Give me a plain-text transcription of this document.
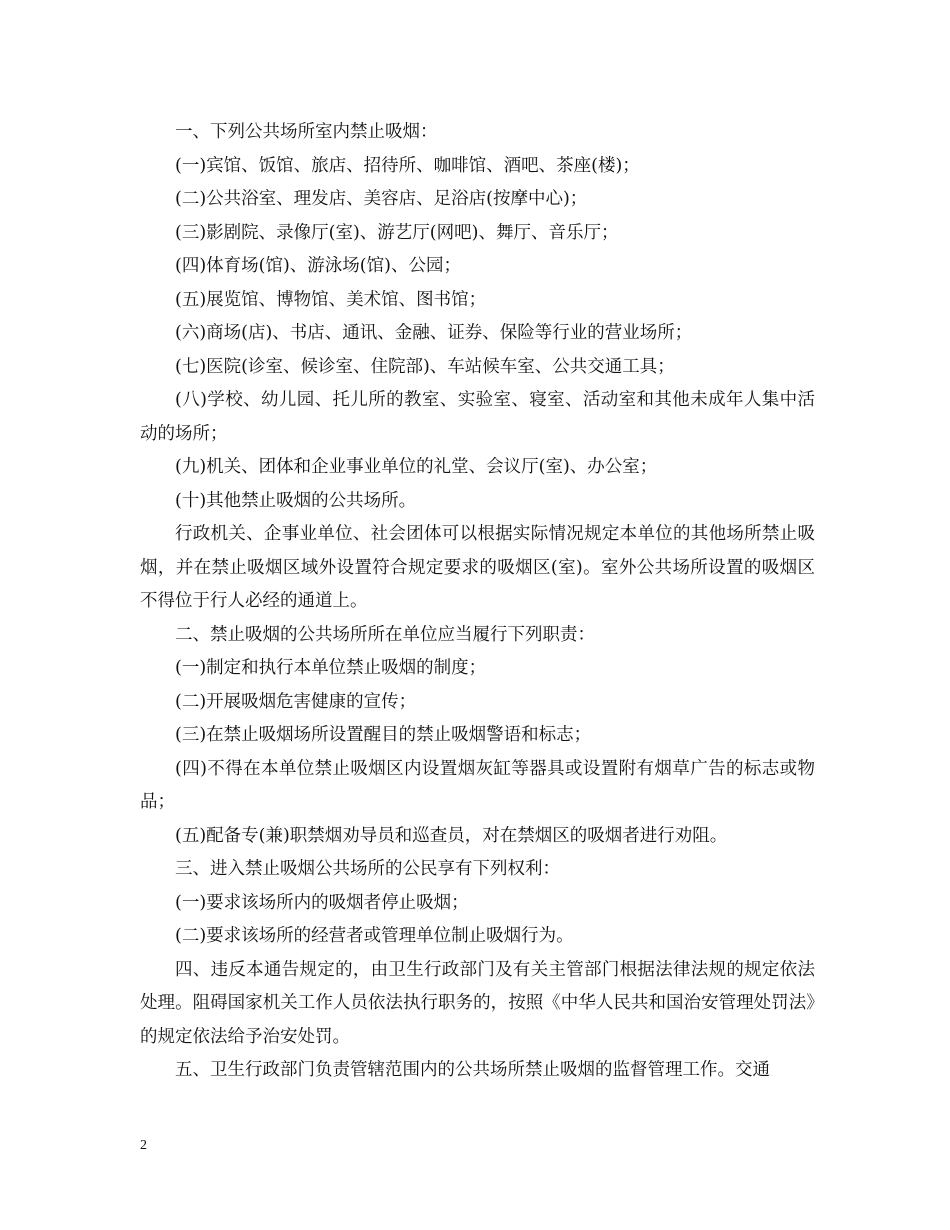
一、下列公共场所室内禁止吸烟：

(一)宾馆、饭馆、旅店、招待所、咖啡馆、酒吧、茶座(楼)；

(二)公共浴室、理发店、美容店、足浴店(按摩中心)；

(三)影剧院、录像厅(室)、游艺厅(网吧)、舞厅、音乐厅；

(四)体育场(馆)、游泳场(馆)、公园；

(五)展览馆、博物馆、美术馆、图书馆；

(六)商场(店)、书店、通讯、金融、证券、保险等行业的营业场所；

(七)医院(诊室、候诊室、住院部)、车站候车室、公共交通工具；

(八)学校、幼儿园、托儿所的教室、实验室、寝室、活动室和其他未成年人集中活动的场所；

(九)机关、团体和企业事业单位的礼堂、会议厅(室)、办公室；

(十)其他禁止吸烟的公共场所。

行政机关、企事业单位、社会团体可以根据实际情况规定本单位的其他场所禁止吸烟，并在禁止吸烟区域外设置符合规定要求的吸烟区(室)。室外公共场所设置的吸烟区不得位于行人必经的通道上。

二、禁止吸烟的公共场所所在单位应当履行下列职责：

(一)制定和执行本单位禁止吸烟的制度；

(二)开展吸烟危害健康的宣传；

(三)在禁止吸烟场所设置醒目的禁止吸烟警语和标志；

(四)不得在本单位禁止吸烟区内设置烟灰缸等器具或设置附有烟草广告的标志或物品；

(五)配备专(兼)职禁烟劝导员和巡查员，对在禁烟区的吸烟者进行劝阻。

三、进入禁止吸烟公共场所的公民享有下列权利：

(一)要求该场所内的吸烟者停止吸烟；

(二)要求该场所的经营者或管理单位制止吸烟行为。

四、违反本通告规定的，由卫生行政部门及有关主管部门根据法律法规的规定依法处理。阻碍国家机关工作人员依法执行职务的，按照《中华人民共和国治安管理处罚法》的规定依法给予治安处罚。

五、卫生行政部门负责管辖范围内的公共场所禁止吸烟的监督管理工作。交通

2
